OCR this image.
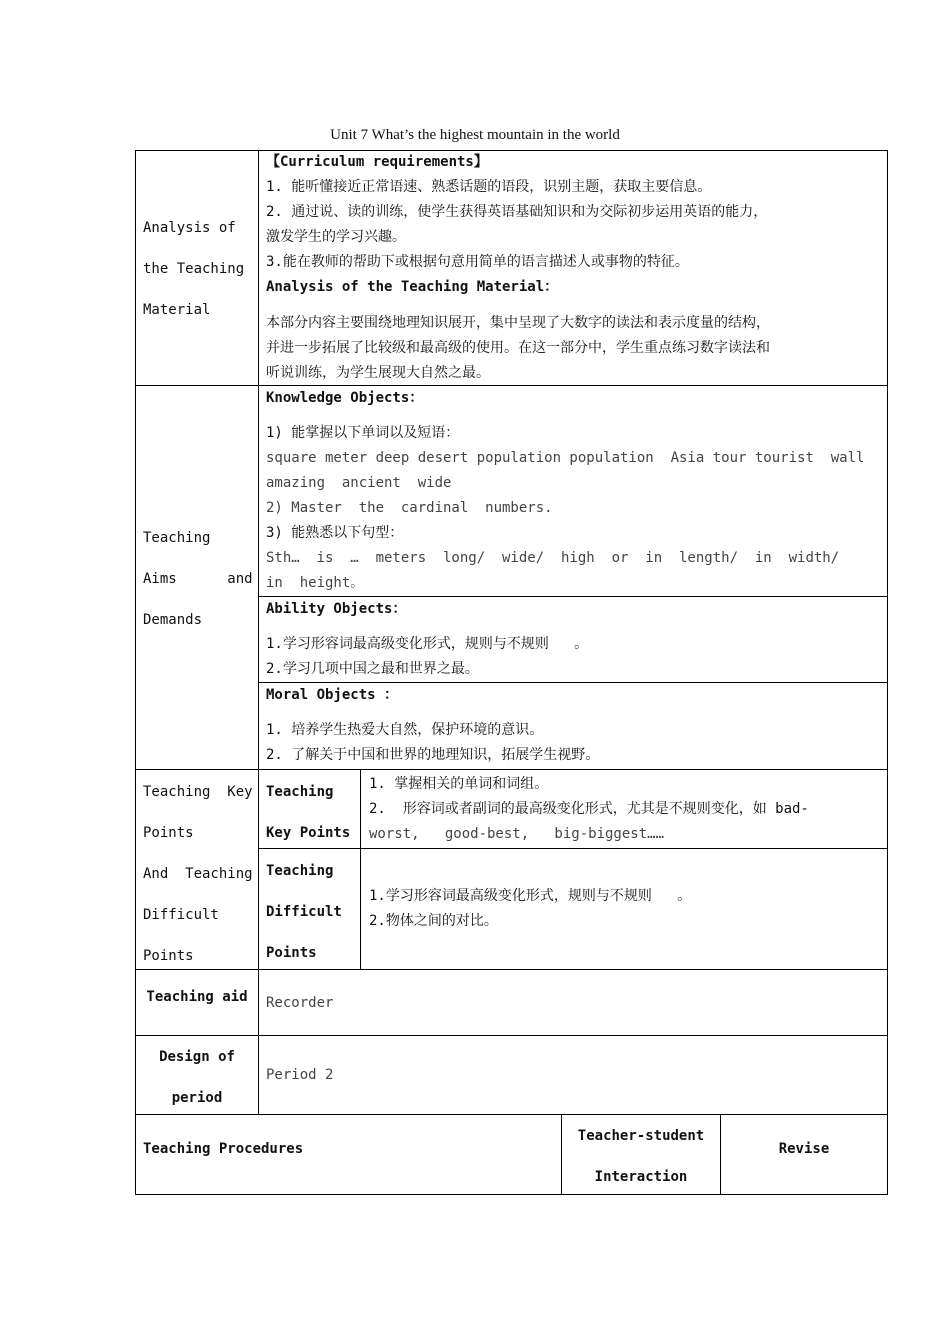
Unit 7 What’s the highest mountain in the world
Analysis of
the Teaching
Material
【Curriculum requirements】
1. 能听懂接近正常语速、熟悉话题的语段，识别主题，获取主要信息。
2. 通过说、读的训练，使学生获得英语基础知识和为交际初步运用英语的能力，
激发学生的学习兴趣。
3.能在教师的帮助下或根据句意用简单的语言描述人或事物的特征。
Analysis of the Teaching Material：
本部分内容主要围绕地理知识展开，集中呈现了大数字的读法和表示度量的结构，
并进一步拓展了比较级和最高级的使用。在这一部分中，学生重点练习数字读法和
听说训练，为学生展现大自然之最。
Teaching
Aims      and
Demands
Knowledge Objects：
1) 能掌握以下单词以及短语：
square meter deep desert population population  Asia tour tourist  wall
amazing  ancient  wide
2) Master  the  cardinal  numbers.
3) 能熟悉以下句型：
Sth…  is  …  meters  long/  wide/  high  or  in  length/  in  width/
in  height。
Ability Objects：
1.学习形容词最高级变化形式，规则与不规则   。
2.学习几项中国之最和世界之最。
Moral Objects ：
1. 培养学生热爱大自然，保护环境的意识。
2. 了解关于中国和世界的地理知识，拓展学生视野。
Teaching  Key
Points
And  Teaching
Difficult
Points
Teaching
Key Points
1. 掌握相关的单词和词组。
2.  形容词或者副词的最高级变化形式，尤其是不规则变化，如 bad-
worst,   good-best,   big-biggest……
Teaching
Difficult
Points
1.学习形容词最高级变化形式，规则与不规则   。
2.物体之间的对比。
Teaching aid	Recorder
Design of
period
Period 2
Teaching Procedures
Teacher-student
Interaction
Revise
